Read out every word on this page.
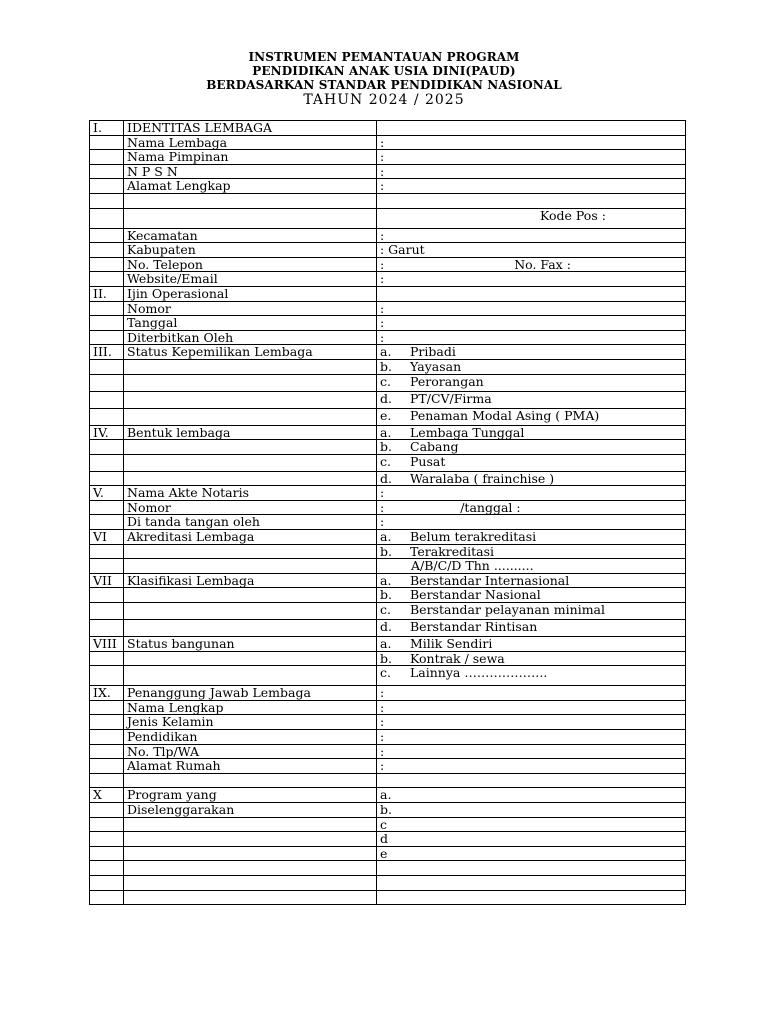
INSTRUMEN PEMANTAUAN PROGRAM
PENDIDIKAN ANAK USIA DINI(PAUD)
BERDASARKAN STANDAR PENDIDIKAN NASIONAL
TAHUN 2024 / 2025
I.	IDENTITAS LEMBAGA	
	Nama Lembaga	:
	Nama Pimpinan	:
	N P S N	:
	Alamat Lengkap	:

		Kode Pos :
	Kecamatan	:
	Kabupaten	: Garut
	No. Telepon	: No. Fax :
	Website/Email	:
II.	Ijin Operasional	
	Nomor	:
	Tanggal	:
	Diterbitkan Oleh	:
III.	Status Kepemilikan Lembaga	a. Pribadi
		b. Yayasan
		c. Perorangan
		d. PT/CV/Firma
		e. Penaman Modal Asing ( PMA)
IV.	Bentuk lembaga	a. Lembaga Tunggal
		b. Cabang
		c. Pusat
		d. Waralaba ( frainchise )
V.	Nama Akte Notaris	:
	Nomor	: /tanggal :
	Di tanda tangan oleh	:
VI	Akreditasi Lembaga	a. Belum terakreditasi
		b. Terakreditasi
		A/B/C/D Thn ..........
VII	Klasifikasi Lembaga	a. Berstandar Internasional
		b. Berstandar Nasional
		c. Berstandar pelayanan minimal
		d. Berstandar Rintisan
VIII	Status bangunan	a. Milik Sendiri
		b. Kontrak / sewa
		c. Lainnya ………………..
IX.	Penanggung Jawab Lembaga	:
	Nama Lengkap	:
	Jenis Kelamin	:
	Pendidikan	:
	No. Tlp/WA	:
	Alamat Rumah	:

X	Program yang	a.
	Diselenggarakan	b.
		c
		d
		e
